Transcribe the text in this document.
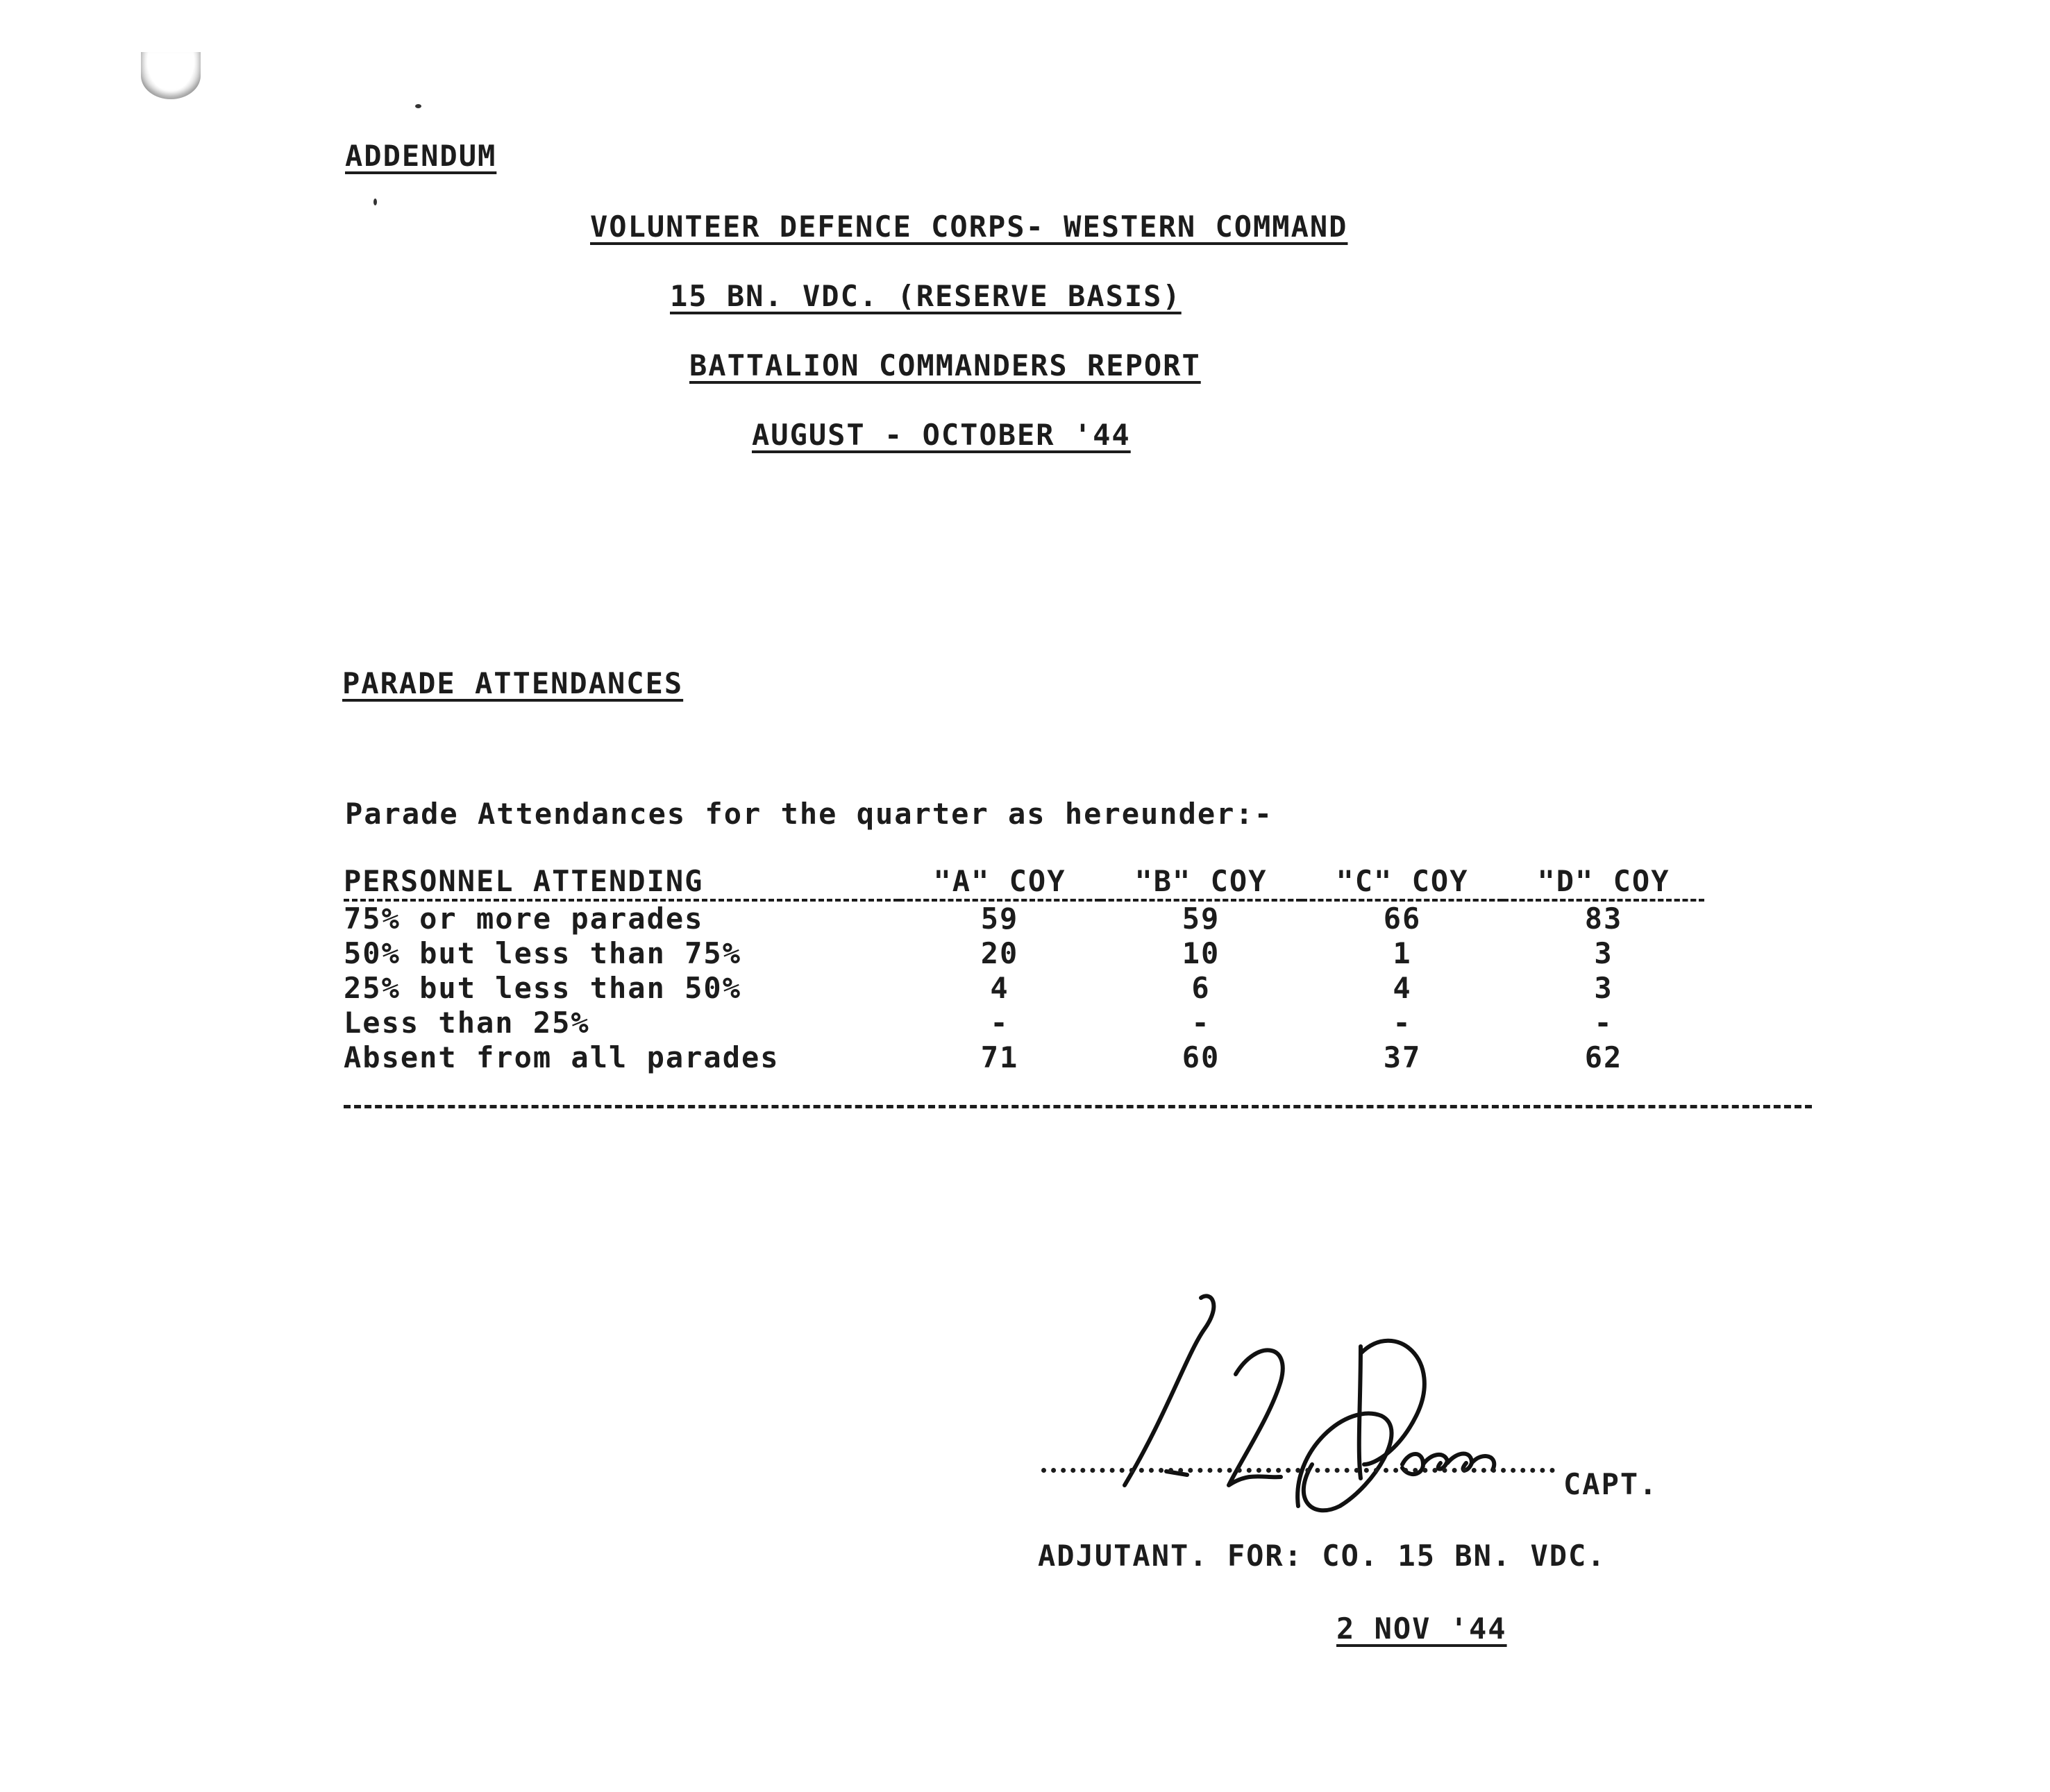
ADDENDUM
VOLUNTEER DEFENCE CORPS- WESTERN COMMAND
15 BN. VDC. (RESERVE BASIS)
BATTALION COMMANDERS REPORT
AUGUST - OCTOBER '44
PARADE ATTENDANCES
Parade Attendances for the quarter as hereunder:-
PERSONNEL ATTENDING	"A" COY	"B" COY	"C" COY	"D" COY
75% or more parades	59	59	66	83
50% but less than 75%	20	10	1	3
25% but less than 50%	4	6	4	3
Less than 25%	-	-	-	-
Absent from all parades	71	60	37	62
CAPT.
ADJUTANT. FOR: CO. 15 BN. VDC.
2 NOV '44
